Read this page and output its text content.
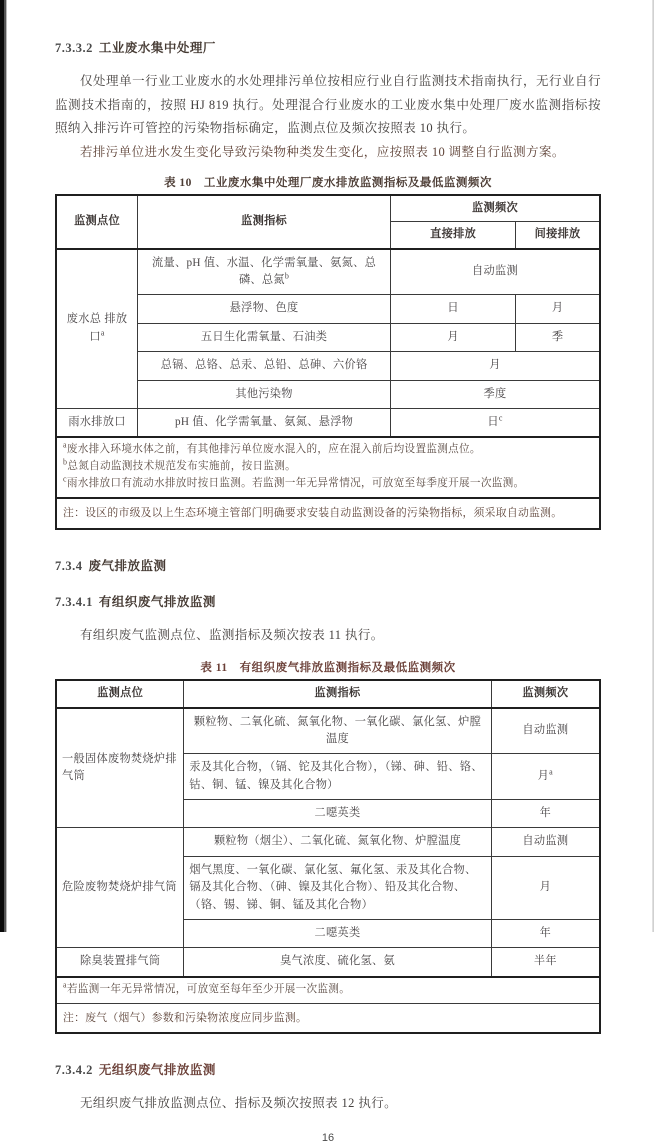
7.3.3.2 工业废水集中处理厂

仅处理单一行业工业废水的水处理排污单位按相应行业自行监测技术指南执行，无行业自行监测技术指南的，按照 HJ 819 执行。处理混合行业废水的工业废水集中处理厂废水监测指标按照纳入排污许可管控的污染物指标确定，监测点位及频次按照表 10 执行。

若排污单位进水发生变化导致污染物种类发生变化，应按照表 10 调整自行监测方案。

表 10　工业废水集中处理厂废水排放监测指标及最低监测频次
监测点位	监测指标	监测频次	
		直接排放	间接排放
废水总 排放口$^a$	流量、pH 值、水温、化学需氧量、氨氮、总磷、总氮$^b$	自动监测	
	悬浮物、色度	日	月
	五日生化需氧量、石油类	月	季
	总镉、总铬、总汞、总铅、总砷、六价铬	月	
	其他污染物	季度	
雨水排放口	pH 值、化学需氧量、氨氮、悬浮物	日$^c$

$^a$废水排入环境水体之前，有其他排污单位废水混入的，应在混入前后均设置监测点位。
$^b$总氮自动监测技术规范发布实施前，按日监测。
$^c$雨水排放口有流动水排放时按日监测。若监测一年无异常情况，可放宽至每季度开展一次监测。			

注：设区的市级及以上生态环境主管部门明确要求安装自动监测设备的污染物指标，须采取自动监测。			
7.3.4 废气排放监测
7.3.4.1 有组织废气排放监测

有组织废气监测点位、监测指标及频次按表 11 执行。

表 11　有组织废气排放监测指标及最低监测频次
监测点位	监测指标	监测频次
一般固体废物焚烧炉排气筒	颗粒物、二氧化硫、氮氧化物、一氧化碳、氯化氢、炉膛温度	自动监测
	汞及其化合物，（镉、铊及其化合物），（锑、砷、铅、铬、钴、铜、锰、镍及其化合物）	月$^a$
	二噁英类	年
危险废物焚烧炉排气筒	颗粒物（烟尘）、二氧化硫、氮氧化物、炉膛温度	自动监测
	烟气黑度、一氧化碳、氯化氢、氟化氢、汞及其化合物、镉及其化合物、（砷、镍及其化合物）、铅及其化合物、（铬、锡、锑、铜、锰及其化合物）	月
	二噁英类	年
除臭装置排气筒	臭气浓度、硫化氢、氨	半年

$^a$若监测一年无异常情况，可放宽至每年至少开展一次监测。		

注：废气（烟气）参数和污染物浓度应同步监测。		
7.3.4.2 无组织废气排放监测

无组织废气排放监测点位、指标及频次按照表 12 执行。

16
